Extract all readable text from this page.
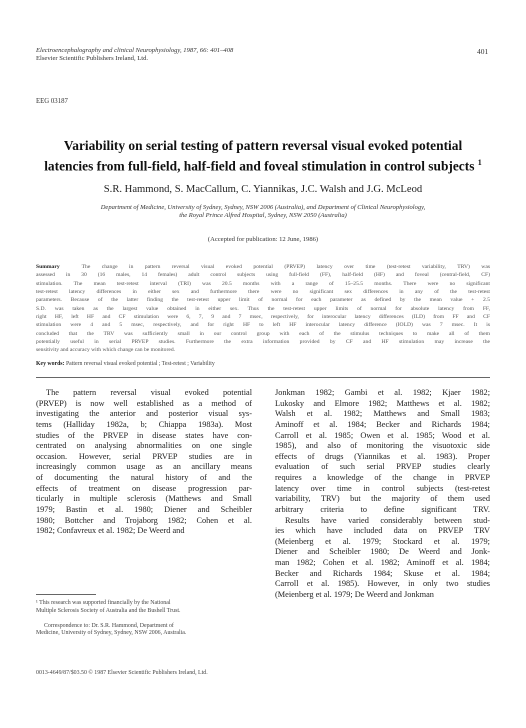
Electroencephalography and clinical Neurophysiology, 1987, 66: 401–408
Elsevier Scientific Publishers Ireland, Ltd.
401
EEG 03187
Variability on serial testing of pattern reversal visual evoked potential
latencies from full-field, half-field and foveal stimulation in control subjects $^1$
S.R. Hammond, S. MacCallum, C. Yiannikas, J.C. Walsh and J.G. McLeod
Department of Medicine, University of Sydney, Sydney, NSW 2006 (Australia), and Department of Clinical Neurophysiology,
the Royal Prince Alfred Hospital, Sydney, NSW 2050 (Australia)
(Accepted for publication: 12 June, 1986)
Summary	The change in pattern reversal visual evoked potential (PRVEP) latency over time (test-retest variability, TRV) was
assessed in 30 (16 males, 14 females) adult control subjects using full-field (FF), half-field (HF) and foveal (central-field, CF)
stimulation. The mean test-retest interval (TRI) was 20.5 months with a range of 15–25.5 months. There were no significant
test-retest latency differences in either sex and furthermore there were no significant sex differences in any of the test-retest
parameters. Because of the latter finding the test-retest upper limit of normal for each parameter as defined by the mean value + 2.5
S.D. was taken as the largest value obtained in either sex. Thus the test-retest upper limits of normal for absolute latency from FF,
right HF, left HF and CF stimulation were 6, 7, 9 and 7 msec, respectively, for interocular latency differences (ILD) from FF and CF
stimulation were 4 and 5 msec, respectively, and for right HF to left HF interocular latency difference (IOLD) was 7 msec. It is
concluded that the TRV was sufficiently small in our control group with each of the stimulus techniques to make all of them
potentially useful in serial PRVEP studies. Furthermore the extra information provided by CF and HF stimulation may increase the
sensitivity and accuracy with which change can be monitored.
Key words: Pattern reversal visual evoked potential ; Test-retest ; Variability
The pattern reversal visual evoked potential
(PRVEP) is now well established as a method of
investigating the anterior and posterior visual sys-
tems (Halliday 1982a, b; Chiappa 1983a). Most
studies of the PRVEP in disease states have con-
centrated on analysing abnormalities on one single
occasion. However, serial PRVEP studies are in
increasingly common usage as an ancillary means
of documenting the natural history of and the
effects of treatment on disease progression par-
ticularly in multiple sclerosis (Matthews and Small
1979; Bastin et al. 1980; Diener and Scheibler
1980; Bottcher and Trojaborg 1982; Cohen et al.
1982; Confavreux et al. 1982; De Weerd and
¹ This research was supported financially by the National
Multiple Sclerosis Society of Australia and the Bushell Trust.

Correspondence to: Dr. S.R. Hammond, Department of
Medicine, University of Sydney, Sydney, NSW 2006, Australia.
Jonkman 1982; Gambi et al. 1982; Kjaer 1982;
Lukosky and Elmore 1982; Matthews et al. 1982;
Walsh et al. 1982; Matthews and Small 1983;
Aminoff et al. 1984; Becker and Richards 1984;
Carroll et al. 1985; Owen et al. 1985; Wood et al.
1985), and also of monitoring the visuotoxic side
effects of drugs (Yiannikas et al. 1983). Proper
evaluation of such serial PRVEP studies clearly
requires a knowledge of the change in PRVEP
latency over time in control subjects (test-retest
variability, TRV) but the majority of them used
arbitrary criteria to define significant TRV.
Results have varied considerably between stud-
ies which have included data on PRVEP TRV
(Meienberg et al. 1979; Stockard et al. 1979;
Diener and Scheibler 1980; De Weerd and Jonk-
man 1982; Cohen et al. 1982; Aminoff et al. 1984;
Becker and Richards 1984; Skuse et al. 1984;
Carroll et al. 1985). However, in only two studies
(Meienberg et al. 1979; De Weerd and Jonkman
0013-4649/87/$03.50 © 1987 Elsevier Scientific Publishers Ireland, Ltd.
